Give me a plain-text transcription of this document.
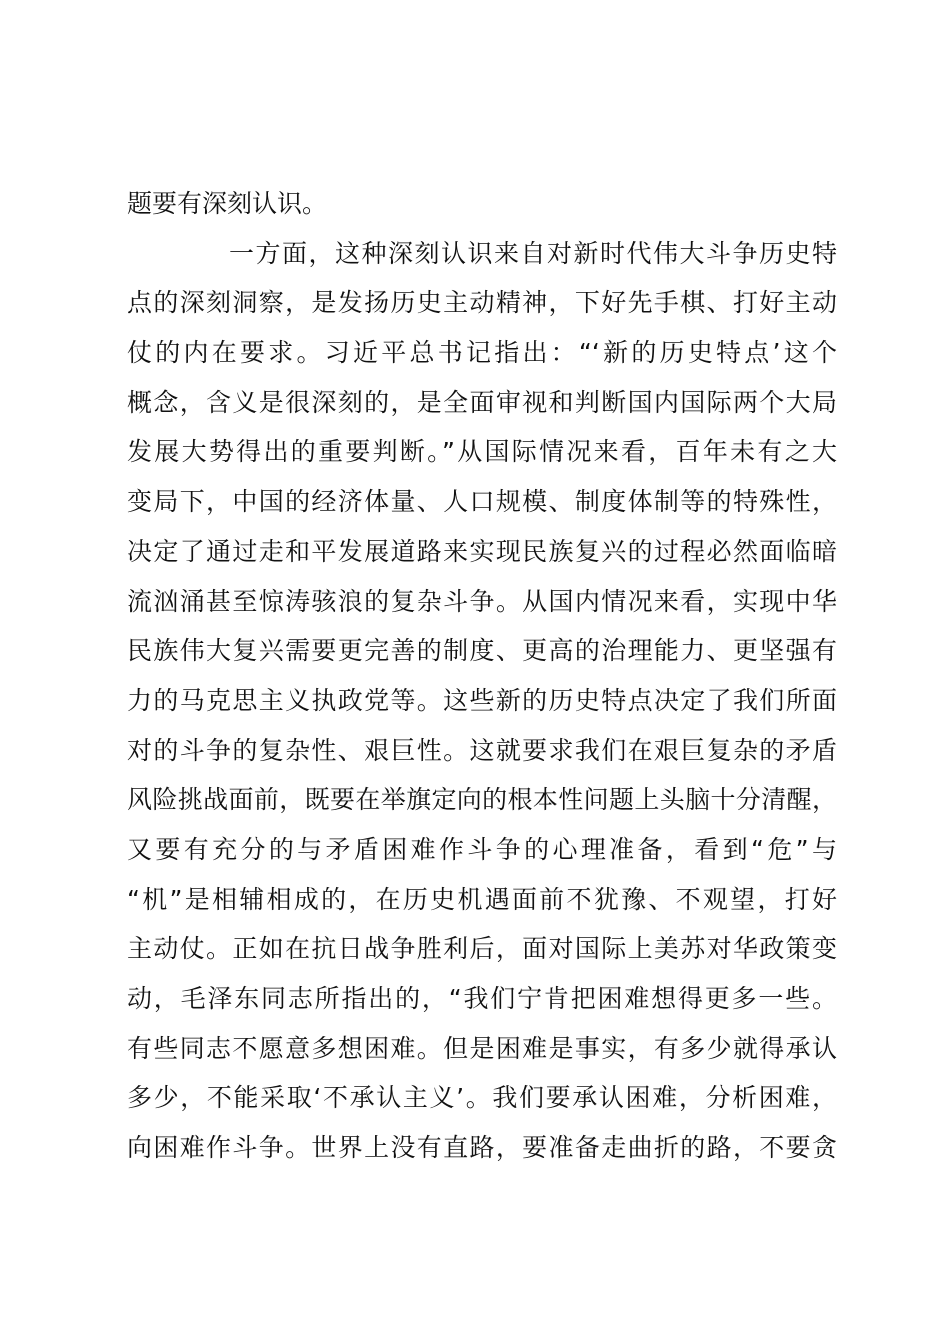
题要有深刻认识。
一方面，这种深刻认识来自对新时代伟大斗争历史特
点的深刻洞察，是发扬历史主动精神，下好先手棋、打好主动
仗的内在要求。习近平总书记指出：“‘新的历史特点’这个
概念，含义是很深刻的，是全面审视和判断国内国际两个大局
发展大势得出的重要判断。”从国际情况来看，百年未有之大
变局下，中国的经济体量、人口规模、制度体制等的特殊性，
决定了通过走和平发展道路来实现民族复兴的过程必然面临暗
流汹涌甚至惊涛骇浪的复杂斗争。从国内情况来看，实现中华
民族伟大复兴需要更完善的制度、更高的治理能力、更坚强有
力的马克思主义执政党等。这些新的历史特点决定了我们所面
对的斗争的复杂性、艰巨性。这就要求我们在艰巨复杂的矛盾
风险挑战面前，既要在举旗定向的根本性问题上头脑十分清醒，
又要有充分的与矛盾困难作斗争的心理准备，看到“危”与
“机”是相辅相成的，在历史机遇面前不犹豫、不观望，打好
主动仗。正如在抗日战争胜利后，面对国际上美苏对华政策变
动，毛泽东同志所指出的，“我们宁肯把困难想得更多一些。
有些同志不愿意多想困难。但是困难是事实，有多少就得承认
多少，不能采取‘不承认主义’。我们要承认困难，分析困难，
向困难作斗争。世界上没有直路，要准备走曲折的路，不要贪
